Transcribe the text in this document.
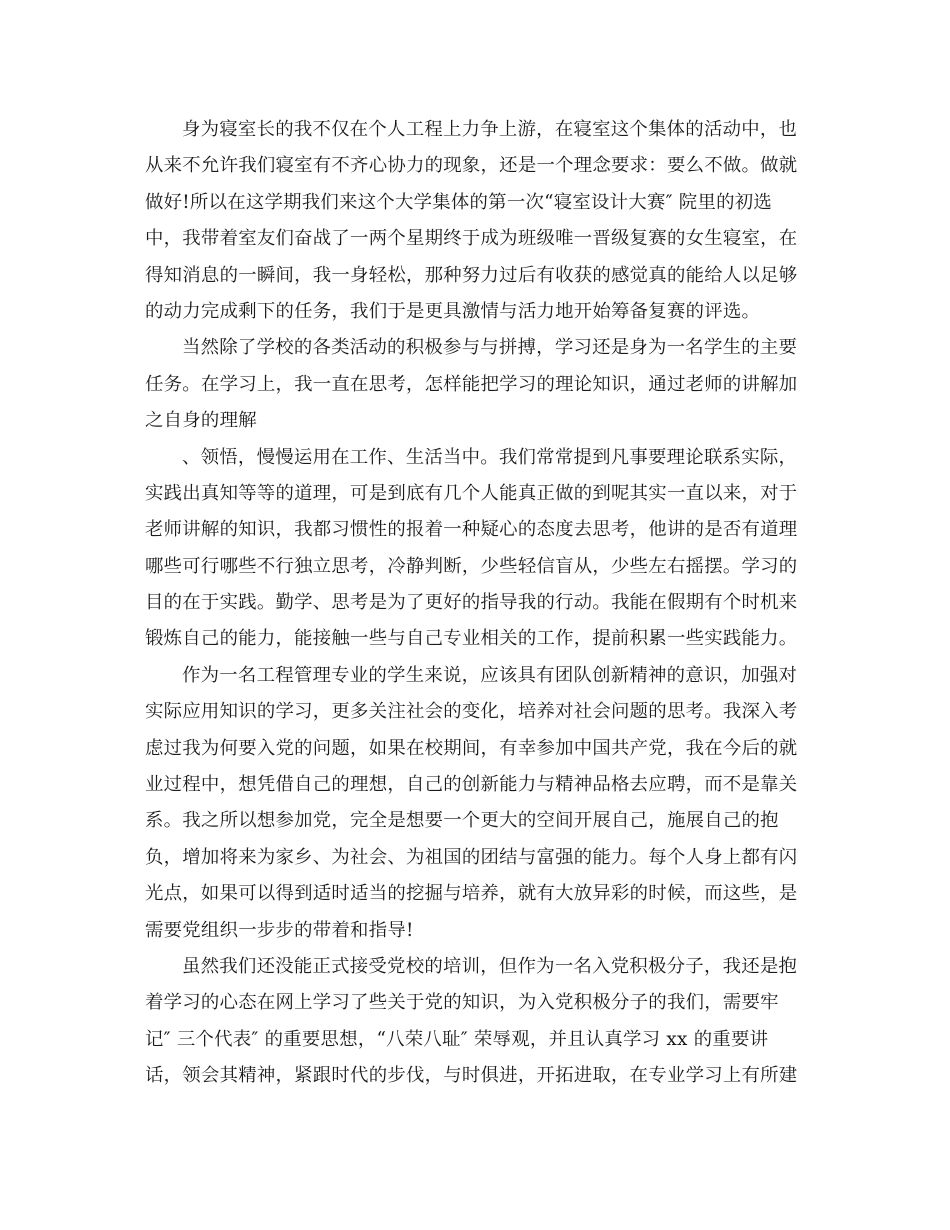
身为寝室长的我不仅在个人工程上力争上游，在寝室这个集体的活动中，也
从来不允许我们寝室有不齐心协力的现象，还是一个理念要求：要么不做。做就
做好!所以在这学期我们来这个大学集体的第一次“寝室设计大赛″ 院里的初选
中，我带着室友们奋战了一两个星期终于成为班级唯一晋级复赛的女生寝室，在
得知消息的一瞬间，我一身轻松，那种努力过后有收获的感觉真的能给人以足够
的动力完成剩下的任务，我们于是更具激情与活力地开始筹备复赛的评选。
当然除了学校的各类活动的积极参与与拼搏，学习还是身为一名学生的主要
任务。在学习上，我一直在思考，怎样能把学习的理论知识，通过老师的讲解加
之自身的理解
、领悟，慢慢运用在工作、生活当中。我们常常提到凡事要理论联系实际，
实践出真知等等的道理，可是到底有几个人能真正做的到呢其实一直以来，对于
老师讲解的知识，我都习惯性的报着一种疑心的态度去思考，他讲的是否有道理
哪些可行哪些不行独立思考，冷静判断，少些轻信盲从，少些左右摇摆。学习的
目的在于实践。勤学、思考是为了更好的指导我的行动。我能在假期有个时机来
锻炼自己的能力，能接触一些与自己专业相关的工作，提前积累一些实践能力。
作为一名工程管理专业的学生来说，应该具有团队创新精神的意识，加强对
实际应用知识的学习，更多关注社会的变化，培养对社会问题的思考。我深入考
虑过我为何要入党的问题，如果在校期间，有幸参加中国共产党，我在今后的就
业过程中，想凭借自己的理想，自己的创新能力与精神品格去应聘，而不是靠关
系。我之所以想参加党，完全是想要一个更大的空间开展自己，施展自己的抱
负，增加将来为家乡、为社会、为祖国的团结与富强的能力。每个人身上都有闪
光点，如果可以得到适时适当的挖掘与培养，就有大放异彩的时候，而这些，是
需要党组织一步步的带着和指导!
虽然我们还没能正式接受党校的培训，但作为一名入党积极分子，我还是抱
着学习的心态在网上学习了些关于党的知识，为入党积极分子的我们，需要牢
记″ 三个代表″ 的重要思想，“八荣八耻″ 荣辱观，并且认真学习 xx 的重要讲
话，领会其精神，紧跟时代的步伐，与时俱进，开拓进取，在专业学习上有所建
